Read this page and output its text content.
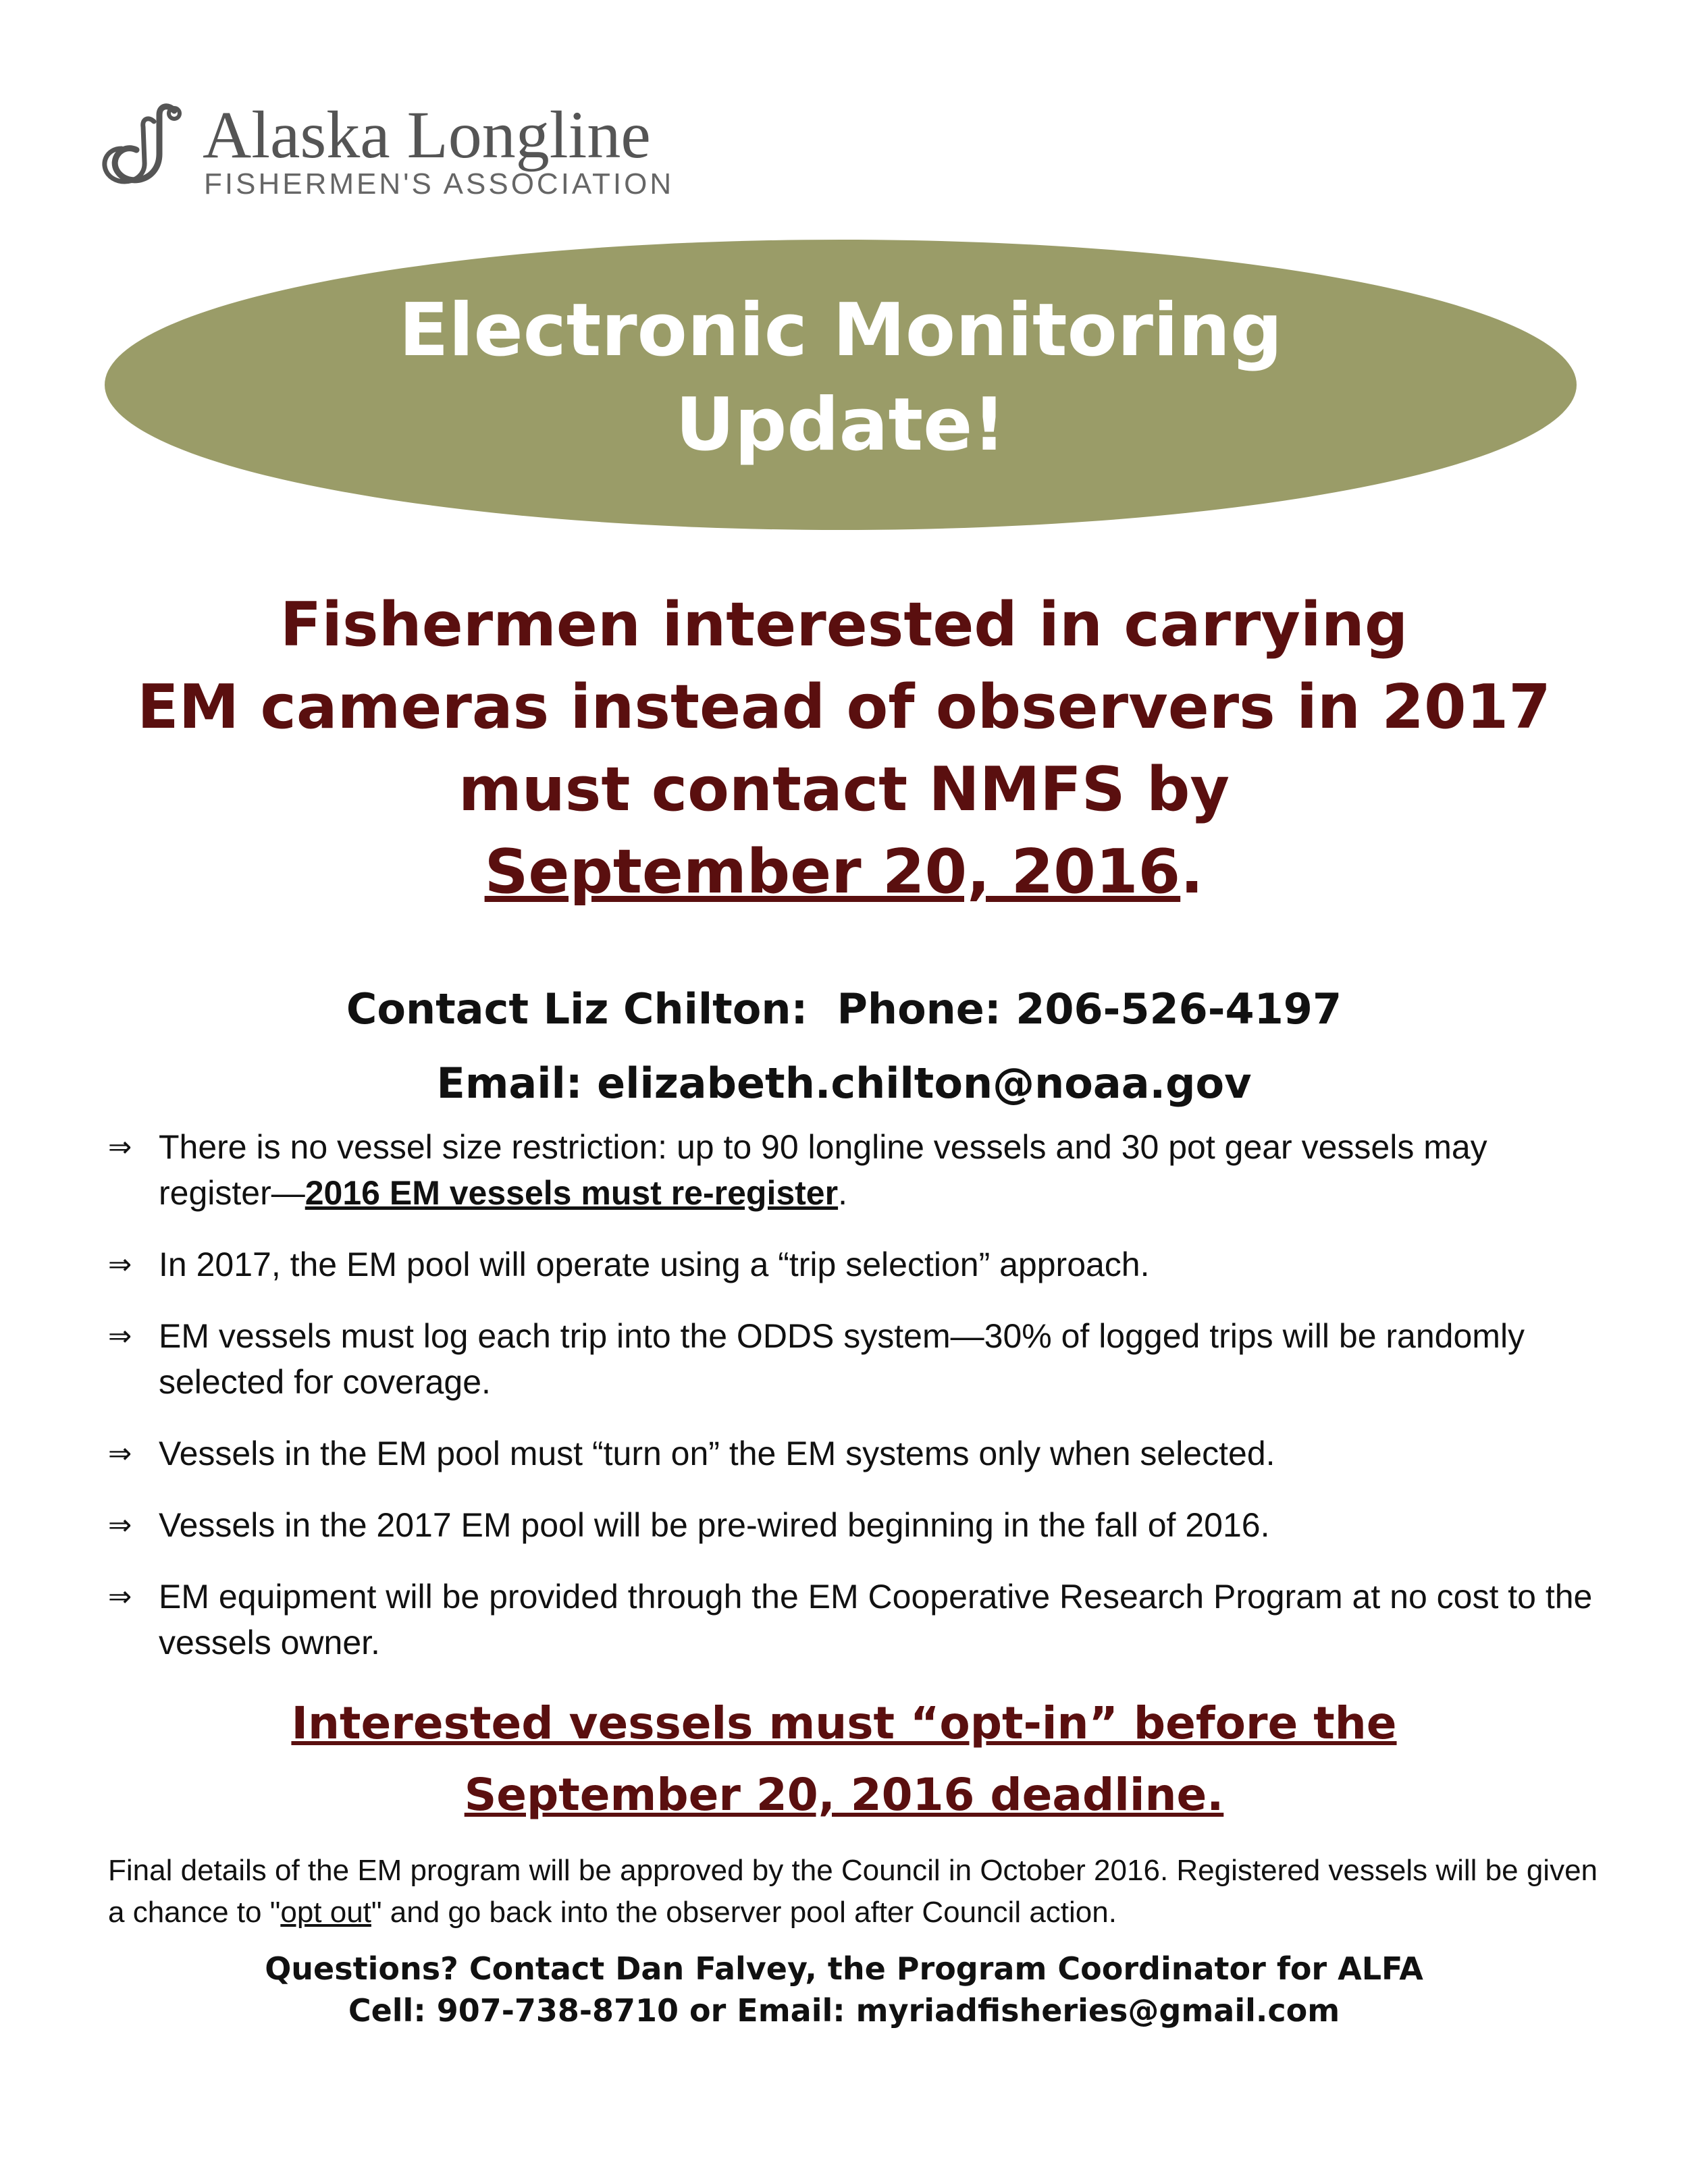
Alaska Longline
FISHERMEN'S ASSOCIATION
Electronic Monitoring
Update!
Fishermen interested in carrying
EM cameras instead of observers in 2017
must contact NMFS by
September 20, 2016.

Contact Liz Chilton:  Phone: 206-526-4197

Email: elizabeth.chilton@noaa.gov

⇒ There is no vessel size restriction: up to 90 longline vessels and 30 pot gear vessels may register—2016 EM vessels must re-register.
⇒ In 2017, the EM pool will operate using a “trip selection” approach.
⇒ EM vessels must log each trip into the ODDS system—30% of logged trips will be randomly selected for coverage.
⇒ Vessels in the EM pool must “turn on” the EM systems only when selected.
⇒ Vessels in the 2017 EM pool will be pre-wired beginning in the fall of 2016.
⇒ EM equipment will be provided through the EM Cooperative Research Program at no cost to the vessels owner.

Interested vessels must “opt-in” before the

September 20, 2016 deadline.

Final details of the EM program will be approved by the Council in October 2016. Registered vessels will be given a chance to "opt out" and go back into the observer pool after Council action.

Questions? Contact Dan Falvey, the Program Coordinator for ALFA

Cell: 907-738-8710 or Email: myriadfisheries@gmail.com
